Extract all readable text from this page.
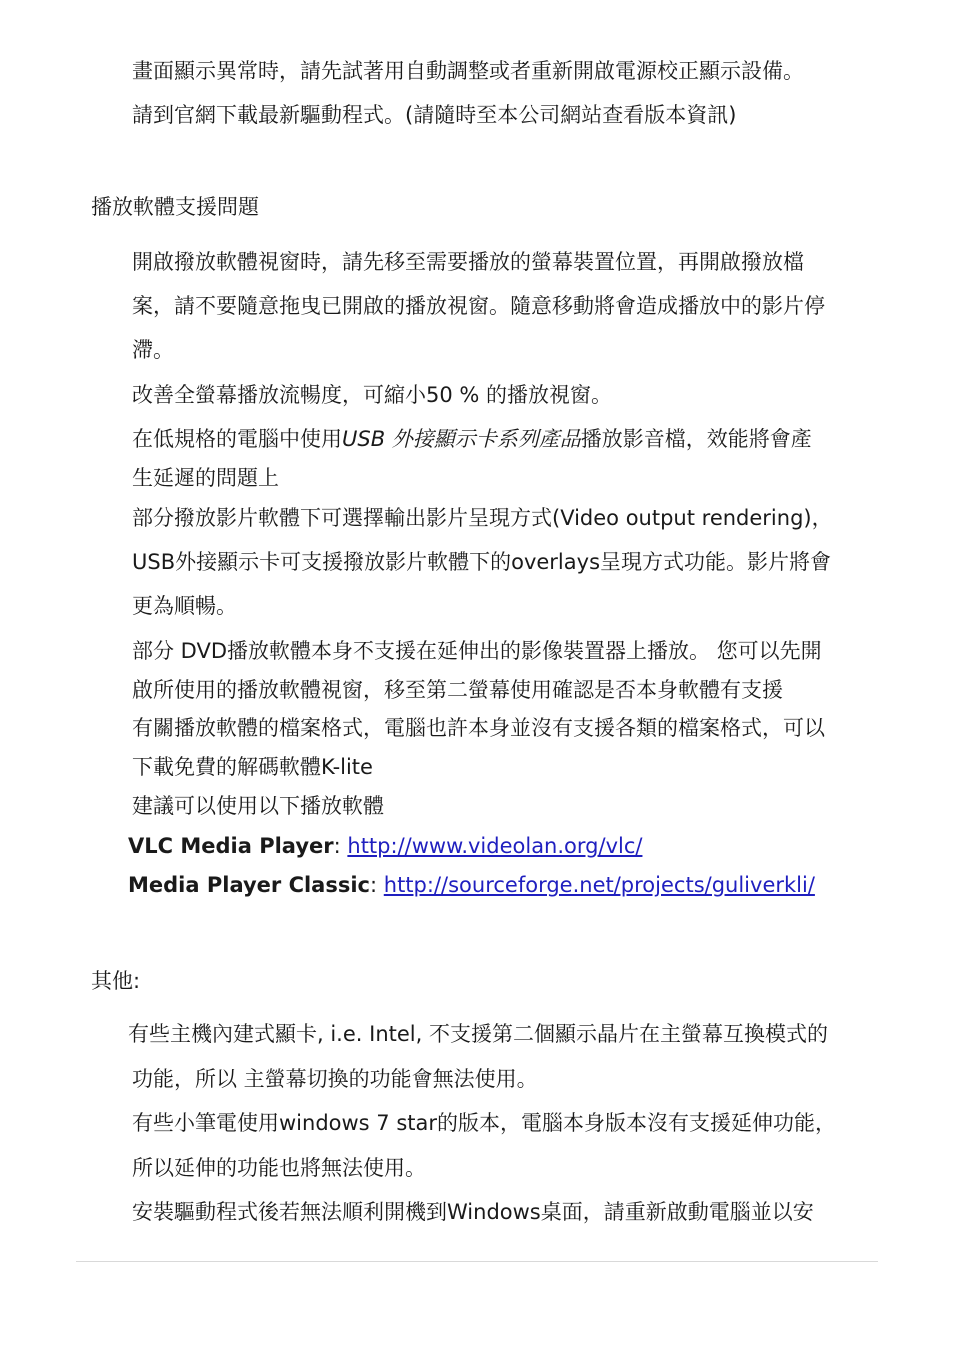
畫面顯示異常時，請先試著用自動調整或者重新開啟電源校正顯示設備。
請到官網下載最新驅動程式。(請隨時至本公司網站查看版本資訊)
播放軟體支援問題
開啟撥放軟體視窗時，請先移至需要播放的螢幕裝置位置，再開啟撥放檔
案，請不要隨意拖曳已開啟的播放視窗。隨意移動將會造成播放中的影片停
滯。
改善全螢幕播放流暢度，可縮小50 % 的播放視窗。
在低規格的電腦中使用USB 外接顯示卡系列產品播放影音檔，效能將會產
生延遲的問題上
部分撥放影片軟體下可選擇輸出影片呈現方式(Video output rendering)，
USB外接顯示卡可支援撥放影片軟體下的overlays呈現方式功能。影片將會
更為順暢。
部分 DVD播放軟體本身不支援在延伸出的影像裝置器上播放。 您可以先開
啟所使用的播放軟體視窗，移至第二螢幕使用確認是否本身軟體有支援
有關播放軟體的檔案格式，電腦也許本身並沒有支援各類的檔案格式，可以
下載免費的解碼軟體K-lite
建議可以使用以下播放軟體
VLC Media Player: http://www.videolan.org/vlc/
Media Player Classic: http://sourceforge.net/projects/guliverkli/
其他:
有些主機內建式顯卡, i.e. Intel, 不支援第二個顯示晶片在主螢幕互換模式的
功能，所以 主螢幕切換的功能會無法使用。
有些小筆電使用windows 7 star的版本，電腦本身版本沒有支援延伸功能，
所以延伸的功能也將無法使用。
安裝驅動程式後若無法順利開機到Windows桌面，請重新啟動電腦並以安
